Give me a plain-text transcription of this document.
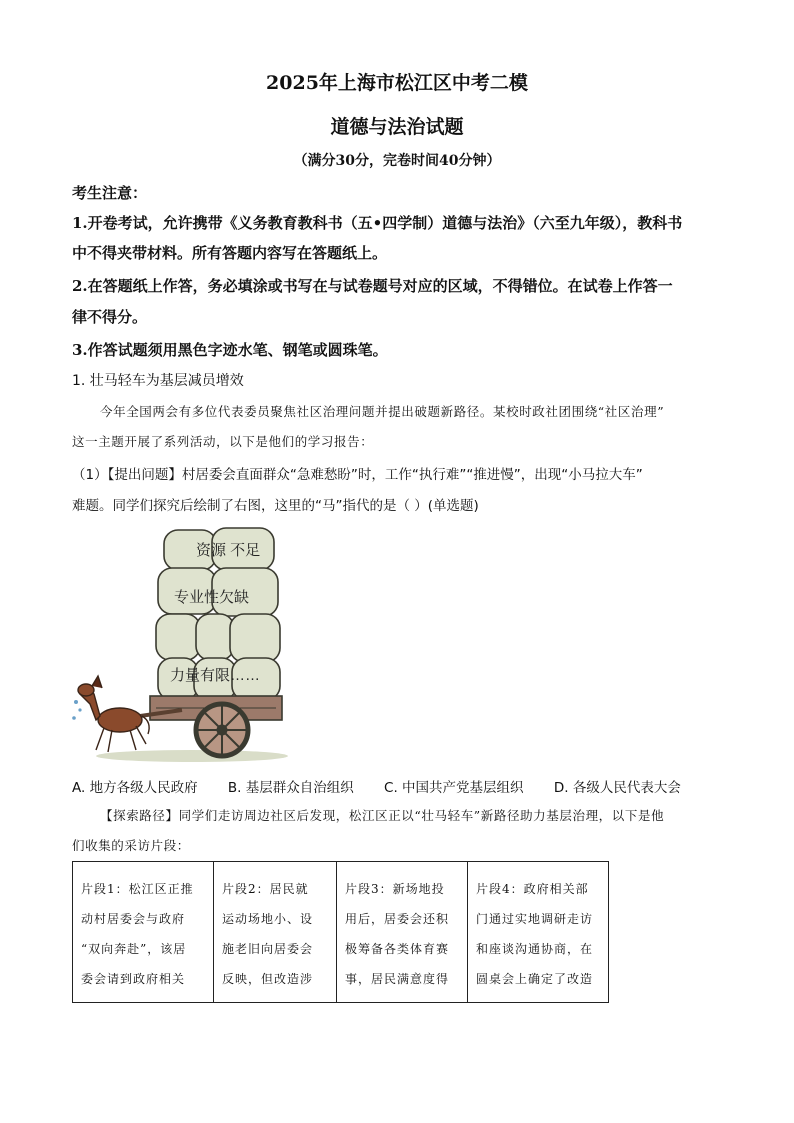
2025年上海市松江区中考二模
道德与法治试题
（满分30分，完卷时间40分钟）
考生注意：
1.开卷考试，允许携带《义务教育教科书（五•四学制）道德与法治》（六至九年级），教科书
中不得夹带材料。所有答题内容写在答题纸上。
2.在答题纸上作答，务必填涂或书写在与试卷题号对应的区域，不得错位。在试卷上作答一
律不得分。
3.作答试题须用黑色字迹水笔、钢笔或圆珠笔。
1. 壮马轻车为基层减员增效
今年全国两会有多位代表委员聚焦社区治理问题并提出破题新路径。某校时政社团围绕“社区治理”
这一主题开展了系列活动，以下是他们的学习报告：
（1）【提出问题】村居委会直面群众“急难愁盼”时，工作“执行难”“推进慢”，出现“小马拉大车”
难题。同学们探究后绘制了右图，这里的“马”指代的是（ ）(单选题)
资源 不足
专业性欠缺
力量有限……
A. 地方各级人民政府 B. 基层群众自治组织 C. 中国共产党基层组织 D. 各级人民代表大会
【探索路径】同学们走访周边社区后发现，松江区正以“壮马轻车”新路径助力基层治理，以下是他
们收集的采访片段：
片段1：松江区正推
动村居委会与政府
“双向奔赴”，该居
委会请到政府相关

片段2：居民就
运动场地小、设
施老旧向居委会
反映，但改造涉

片段3：新场地投
用后，居委会还积
极筹备各类体育赛
事，居民满意度得

片段4：政府相关部
门通过实地调研走访
和座谈沟通协商，在
圆桌会上确定了改造
